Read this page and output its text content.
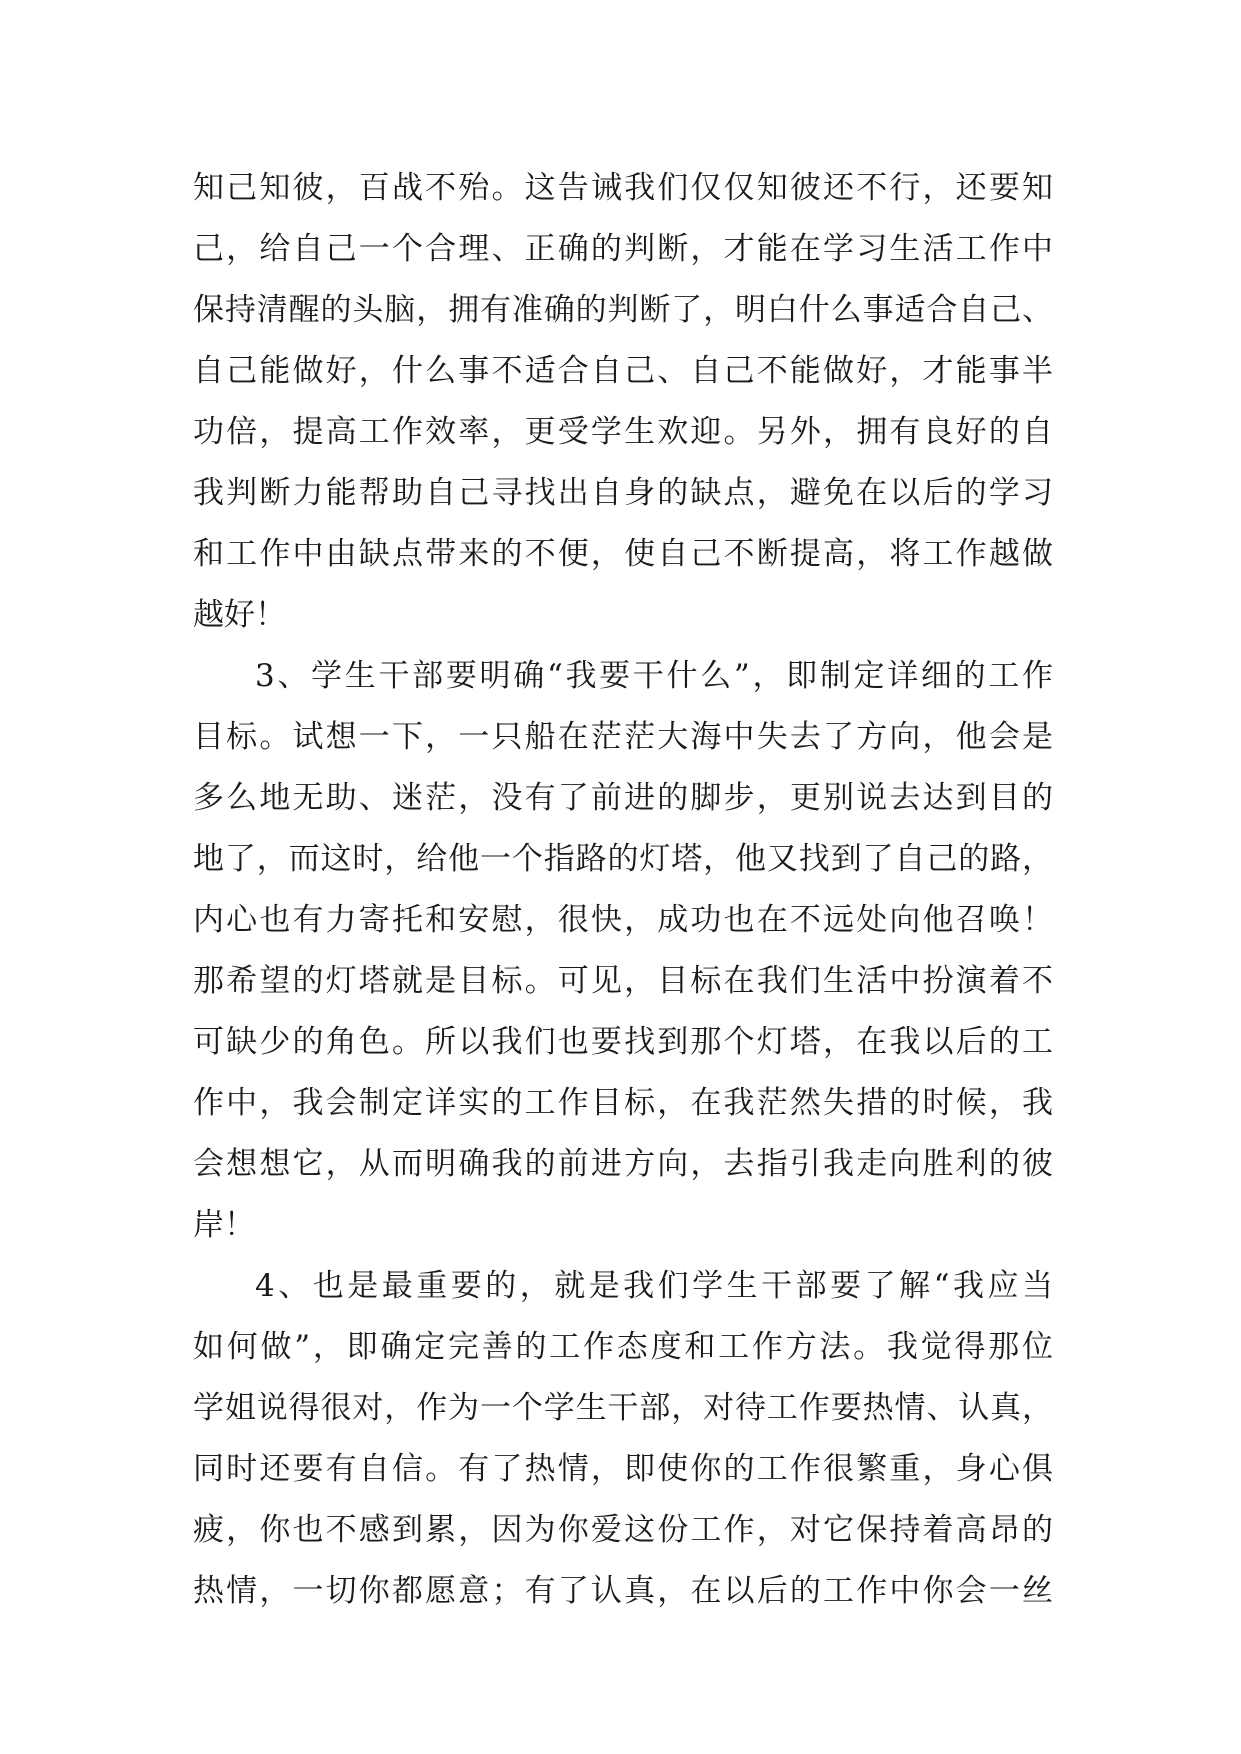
知己知彼，百战不殆。这告诫我们仅仅知彼还不行，还要知
己，给自己一个合理、正确的判断，才能在学习生活工作中
保持清醒的头脑，拥有准确的判断了，明白什么事适合自己、
自己能做好，什么事不适合自己、自己不能做好，才能事半
功倍，提高工作效率，更受学生欢迎。另外，拥有良好的自
我判断力能帮助自己寻找出自身的缺点，避免在以后的学习
和工作中由缺点带来的不便，使自己不断提高，将工作越做
越好！
3、学生干部要明确“我要干什么”，即制定详细的工作
目标。试想一下，一只船在茫茫大海中失去了方向，他会是
多么地无助、迷茫，没有了前进的脚步，更别说去达到目的
地了，而这时，给他一个指路的灯塔，他又找到了自己的路，
内心也有力寄托和安慰，很快，成功也在不远处向他召唤！
那希望的灯塔就是目标。可见，目标在我们生活中扮演着不
可缺少的角色。所以我们也要找到那个灯塔，在我以后的工
作中，我会制定详实的工作目标，在我茫然失措的时候，我
会想想它，从而明确我的前进方向，去指引我走向胜利的彼
岸！
4、也是最重要的，就是我们学生干部要了解“我应当
如何做”，即确定完善的工作态度和工作方法。我觉得那位
学姐说得很对，作为一个学生干部，对待工作要热情、认真，
同时还要有自信。有了热情，即使你的工作很繁重，身心俱
疲，你也不感到累，因为你爱这份工作，对它保持着高昂的
热情，一切你都愿意；有了认真，在以后的工作中你会一丝
